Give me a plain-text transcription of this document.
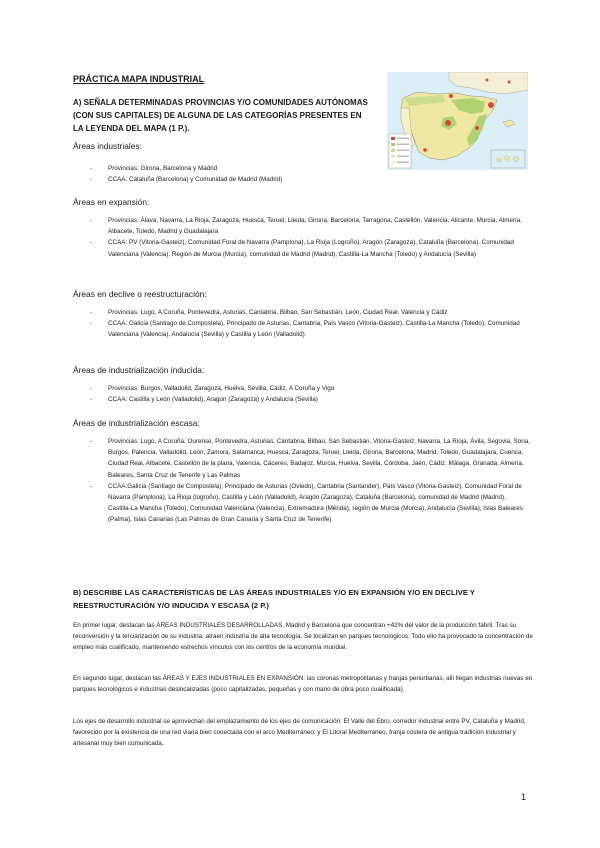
PRÁCTICA MAPA INDUSTRIAL
A) SEÑALA DETERMINADAS PROVINCIAS Y/O COMUNIDADES AUTÓNOMAS (CON SUS CAPITALES) DE ALGUNA DE LAS CATEGORÍAS PRESENTES EN LA LEYENDA DEL MAPA (1 P.).
Áreas industriales:
- Provincias: Girona, Barcelona y Madrid
- CCAA: Cataluña (Barcelona) y Comunidad de Madrid (Madrid)
Áreas en expansión:
- Provincias: Álava, Navarra, La Rioja, Zaragoza, Huesca, Teruel, Lleida, Girona, Barcelona, Tarragona, Castellón, Valencia, Alicante, Murcia, Almería, Albacete, Toledo, Madrid y Guadalajara
- CCAA: PV (Vitoria-Gasteiz), Comunidad Foral de Navarra (Pamplona), La Rioja (Logroño), Aragón (Zaragoza), Cataluña (Barcelona), Comunidad Valenciana (Valencia), Región de Murcia (Murcia), comunidad de Madrid (Madrid), Castilla-La Mancha (Toledo) y Andalucía (Sevilla)
Áreas en declive o reestructuración:
- Provincias: Lugo, A Coruña, Pontevedra, Asturias, Cantabria, Bilbao, San Sebastián, León, Ciudad Real, Valencia y Cádiz
- CCAA: Galicia (Santiago de Compostela), Principado de Asturias, Cantabria, País Vasco (Vitoria-Gasteiz), Castilla-La Mancha (Toledo), Comunidad Valenciana (Valencia), Andalucía (Sevilla) y Castilla y León (Valladolid)
Áreas de industrialización inducida:
- Provincias: Burgos, Valladolid, Zaragoza, Huelva, Sevilla, Cádiz, A Coruña y Vigo
- CCAA: Castilla y León (Valladolid), Aragon (Zaragoza) y Andalucía (Sevilla)
Áreas de industrialización escasa:
- Provincias: Lugo, A Coruña, Ourense, Pontevedra, Asturias, Cantabria, Bilbao, San Sebastián, Vitoria-Gasteiz, Navarra, La Rioja, Ávila, Segovia, Soria, Burgos, Palencia, Valladolid, León, Zamora, Salamanca, Huesca, Zaragoza, Teruel, Lleida, Girona, Barcelona, Madrid, Toledo, Guadalajara, Cuenca, Ciudad Real, Albacete, Castellón de la plana, Valencia, Cáceres, Badajoz, Murcia, Huelva, Sevilla, Córdoba, Jaén, Cádiz, Málaga, Granada, Almería, Baleares, Santa Cruz de Tenerife y Las Palmas
- CCAA:Galicia (Santiago de Compostela), Principado de Asturias (Oviedo), Cantabria (Santander), País Vasco (Vitoria-Gasteiz), Comunidad Foral de Navarra (Pamplona), La Rioja (logroño), Castilla y León (Valladolid), Aragón (Zaragoza), Cataluña (Barcelona), comunidad de Madrid (Madrid), Castilla-La Mancha (Toledo), Comunidad Valenciana (Valencia), Extremadura (Mérida), región de Murcia (Murcia), Andalucía (Sevilla), Islas Baleares (Palma), Islas Canarias (Las Palmas de Gran Canaria y Santa Cruz de Tenerife)
B) DESCRIBE LAS CARACTERÍSTICAS DE LAS ÁREAS INDUSTRIALES Y/O EN EXPANSIÓN Y/O EN DECLIVE Y REESTRUCTURACIÓN Y/O INDUCIDA Y ESCASA (2 P.)
En primer lugar, destacan las ÁREAS INDUSTRIALES DESARROLLADAS, Madrid y Barcelona que concentran +42% del valor de la producción fabril. Tras su reconversión y la terciarización de su industria, atraen industria de alta tecnología. Se localizan en parques tecnológicos. Todo ello ha provocado la concentración de empleo más cualificado, manteniendo estrechos vínculos con los centros de la economía mundial.
En segundo lugar, destacan las ÁREAS Y EJES INDUSTRIALES EN EXPANSIÓN: las coronas metropolitanas y franjas periurbanas, allí llegan industrias nuevas en parques tecnológicos e industrias deslocalizadas (poco capitalizadas, pequeñas y con mano de obra poco cualificada).
Los ejes de desarrollo industrial se aprovechan del emplazamiento de los ejes de comunicación: El Valle del Ebro, corredor industrial entre PV, Cataluña y Madrid, favorecido por la existencia de una red viaria bien conectada con el arco Mediterráneo; y El Litoral Mediterráneo, franja costera de antigua tradición industrial y artesanal muy bien comunicada,
1
